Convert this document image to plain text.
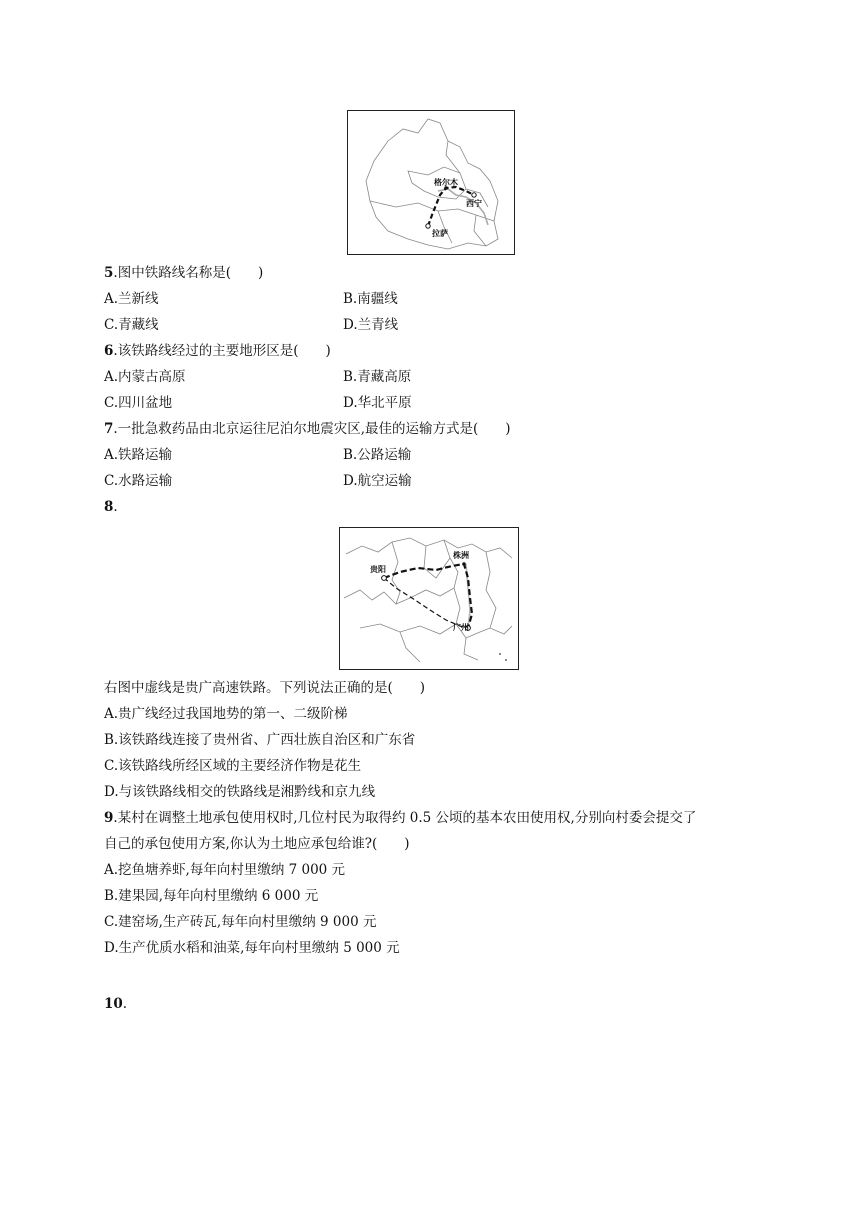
格尔木
西宁
拉萨
5.图中铁路线名称是(　　)
A.兰新线	B.南疆线
C.青藏线	D.兰青线
6.该铁路线经过的主要地形区是(　　)
A.内蒙古高原	B.青藏高原
C.四川盆地	D.华北平原
7.一批急救药品由北京运往尼泊尔地震灾区,最佳的运输方式是(　　)
A.铁路运输	B.公路运输
C.水路运输	D.航空运输
8.
贵阳
株洲
广州
右图中虚线是贵广高速铁路。下列说法正确的是(　　)
A.贵广线经过我国地势的第一、二级阶梯
B.该铁路线连接了贵州省、广西壮族自治区和广东省
C.该铁路线所经区域的主要经济作物是花生
D.与该铁路线相交的铁路线是湘黔线和京九线
9.某村在调整土地承包使用权时,几位村民为取得约 0.5 公顷的基本农田使用权,分别向村委会提交了
自己的承包使用方案,你认为土地应承包给谁?(　　)
A.挖鱼塘养虾,每年向村里缴纳 7 000 元
B.建果园,每年向村里缴纳 6 000 元
C.建窑场,生产砖瓦,每年向村里缴纳 9 000 元
D.生产优质水稻和油菜,每年向村里缴纳 5 000 元
10.
